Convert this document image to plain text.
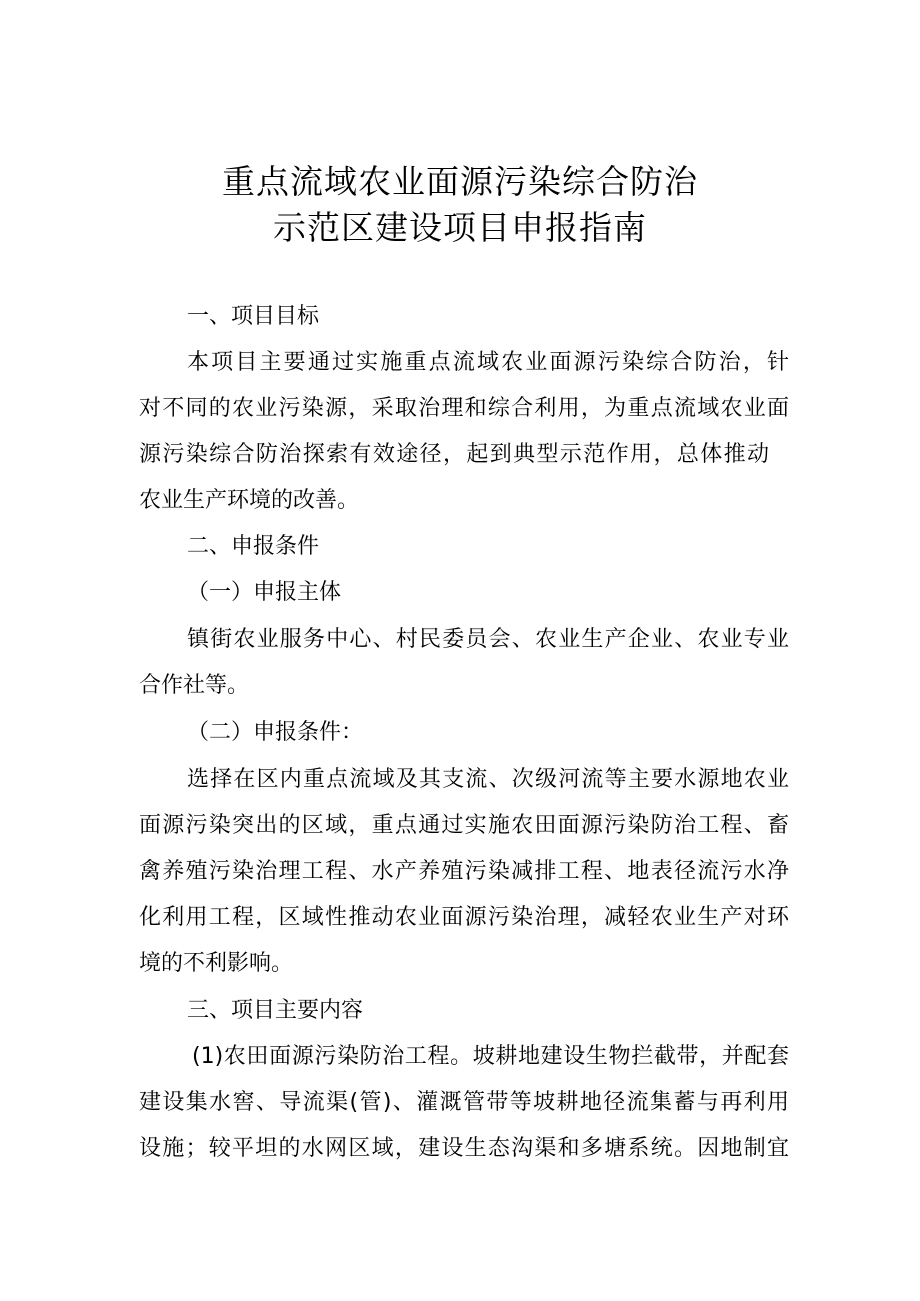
重点流域农业面源污染综合防治
示范区建设项目申报指南

一、项目目标

本项目主要通过实施重点流域农业面源污染综合防治，针

对不同的农业污染源，采取治理和综合利用，为重点流域农业面

源污染综合防治探索有效途径，起到典型示范作用，总体推动

农业生产环境的改善。

二、申报条件

（一）申报主体

镇街农业服务中心、村民委员会、农业生产企业、农业专业

合作社等。

（二）申报条件：

选择在区内重点流域及其支流、次级河流等主要水源地农业

面源污染突出的区域，重点通过实施农田面源污染防治工程、畜

禽养殖污染治理工程、水产养殖污染减排工程、地表径流污水净

化利用工程，区域性推动农业面源污染治理，减轻农业生产对环

境的不利影响。

三、项目主要内容

(1)农田面源污染防治工程。坡耕地建设生物拦截带，并配套

建设集水窖、导流渠(管)、灌溉管带等坡耕地径流集蓄与再利用

设施；较平坦的水网区域，建设生态沟渠和多塘系统。因地制宜
